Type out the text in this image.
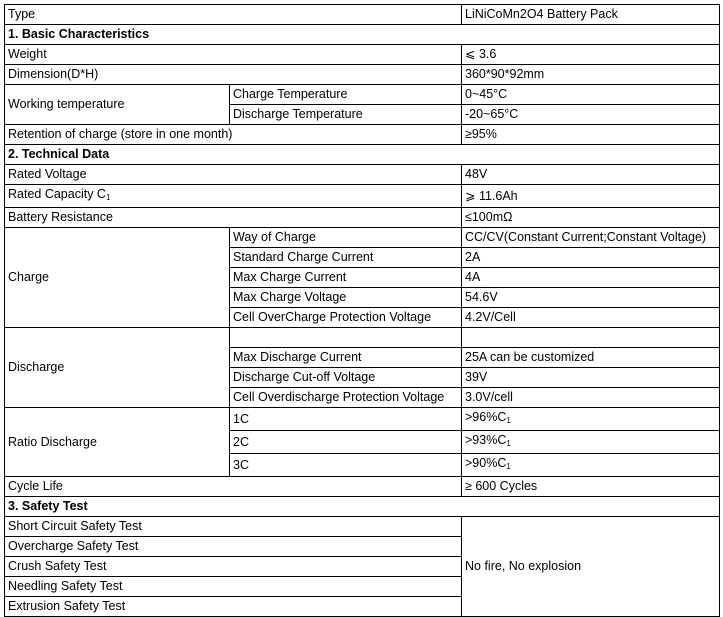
Type		LiNiCoMn2O4 Battery Pack
1. Basic Characteristics		
Weight		⩽ 3.6
Dimension(D*H)		360*90*92mm
Working temperature	Charge Temperature	0~45°C
	Discharge Temperature	-20~65°C
Retention of charge (store in one month)		≥95%
2. Technical Data		
Rated Voltage		48V
Rated Capacity $C_1$		⩾ 11.6Ah
Battery Resistance		≤100mΩ
Charge	Way of Charge	CC/CV(Constant Current;Constant Voltage)
	Standard Charge Current	2A
	Max Charge Current	4A
	Max Charge Voltage	54.6V
	Cell OverCharge Protection Voltage	4.2V/Cell
Discharge		
	Max Discharge Current	25A can be customized
	Discharge Cut-off Voltage	39V
	Cell Overdischarge Protection Voltage	3.0V/cell
Ratio Discharge	1C	$>96\%C_1$
	2C	$>93\%C_1$
	3C	$>90\%C_1$
Cycle Life		≥ 600 Cycles
3. Safety Test		
Short Circuit Safety Test		No fire, No explosion
Overcharge Safety Test		
Crush Safety Test		
Needling Safety Test		
Extrusion Safety Test		
